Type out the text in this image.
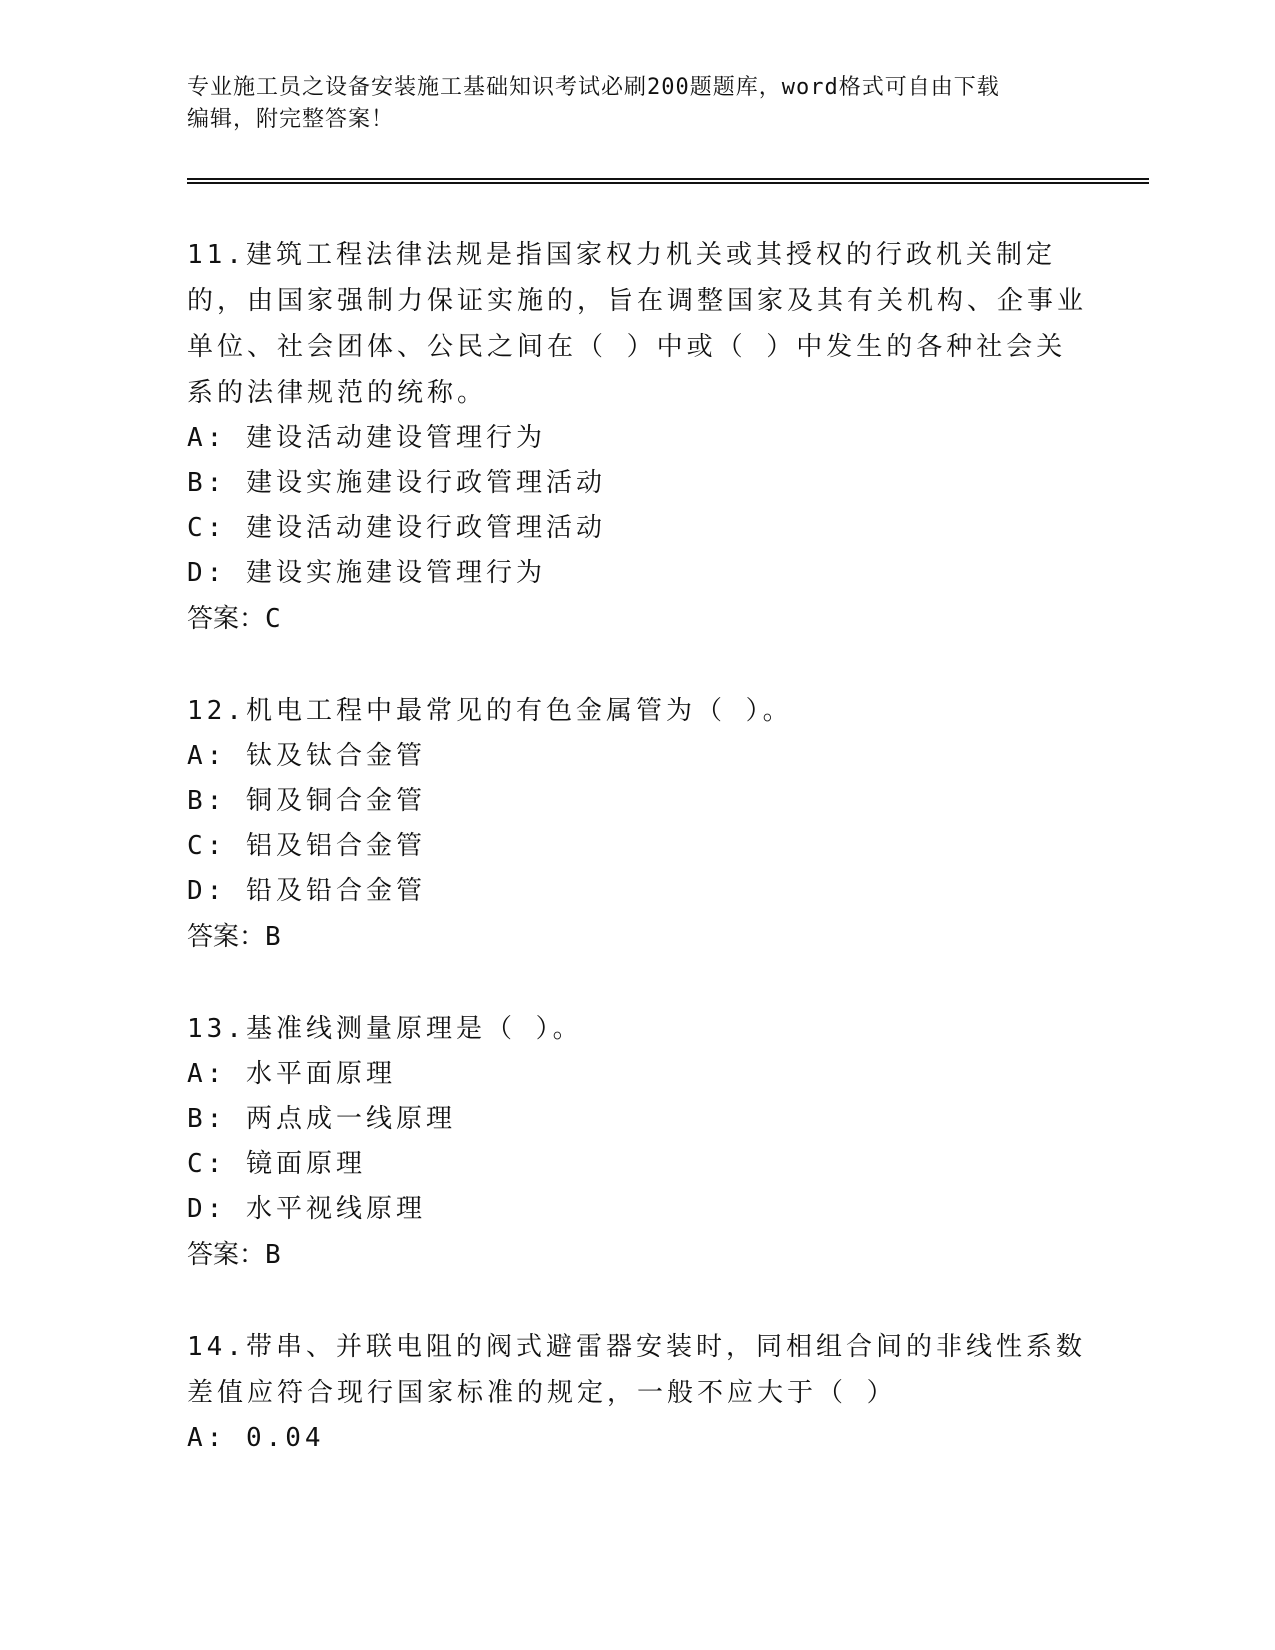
专业施工员之设备安装施工基础知识考试必刷200题题库，word格式可自由下载
编辑，附完整答案！
11.建筑工程法律法规是指国家权力机关或其授权的行政机关制定的，由国家强制力保证实施的，旨在调整国家及其有关机构、企事业单位、社会团体、公民之间在（ ）中或（ ）中发生的各种社会关系的法律规范的统称。
A: 建设活动建设管理行为
B: 建设实施建设行政管理活动
C: 建设活动建设行政管理活动
D: 建设实施建设管理行为
答案：C
12.机电工程中最常见的有色金属管为（ ）。
A: 钛及钛合金管
B: 铜及铜合金管
C: 铝及铝合金管
D: 铅及铅合金管
答案：B
13.基准线测量原理是（ ）。
A: 水平面原理
B: 两点成一线原理
C: 镜面原理
D: 水平视线原理
答案：B
14.带串、并联电阻的阀式避雷器安装时，同相组合间的非线性系数差值应符合现行国家标准的规定，一般不应大于（ ）
A: 0.04
